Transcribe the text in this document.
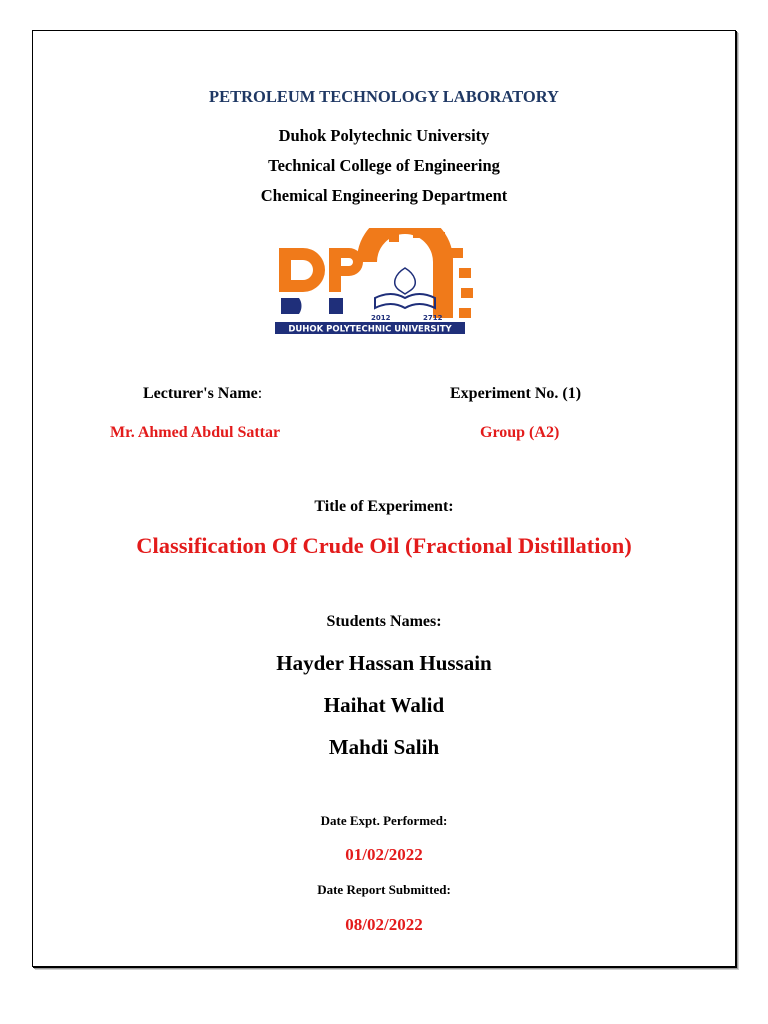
PETROLEUM TECHNOLOGY LABORATORY
Duhok Polytechnic University
Technical College of Engineering
Chemical Engineering Department
2012	2712
DUHOK POLYTECHNIC UNIVERSITY
Lecturer's Name:	Experiment No. (1)
Mr. Ahmed Abdul Sattar	Group (A2)
Title of Experiment:
Classification Of Crude Oil (Fractional Distillation)
Students Names:
Hayder Hassan Hussain
Haihat Walid
Mahdi Salih
Date Expt. Performed:
01/02/2022
Date Report Submitted:
08/02/2022
